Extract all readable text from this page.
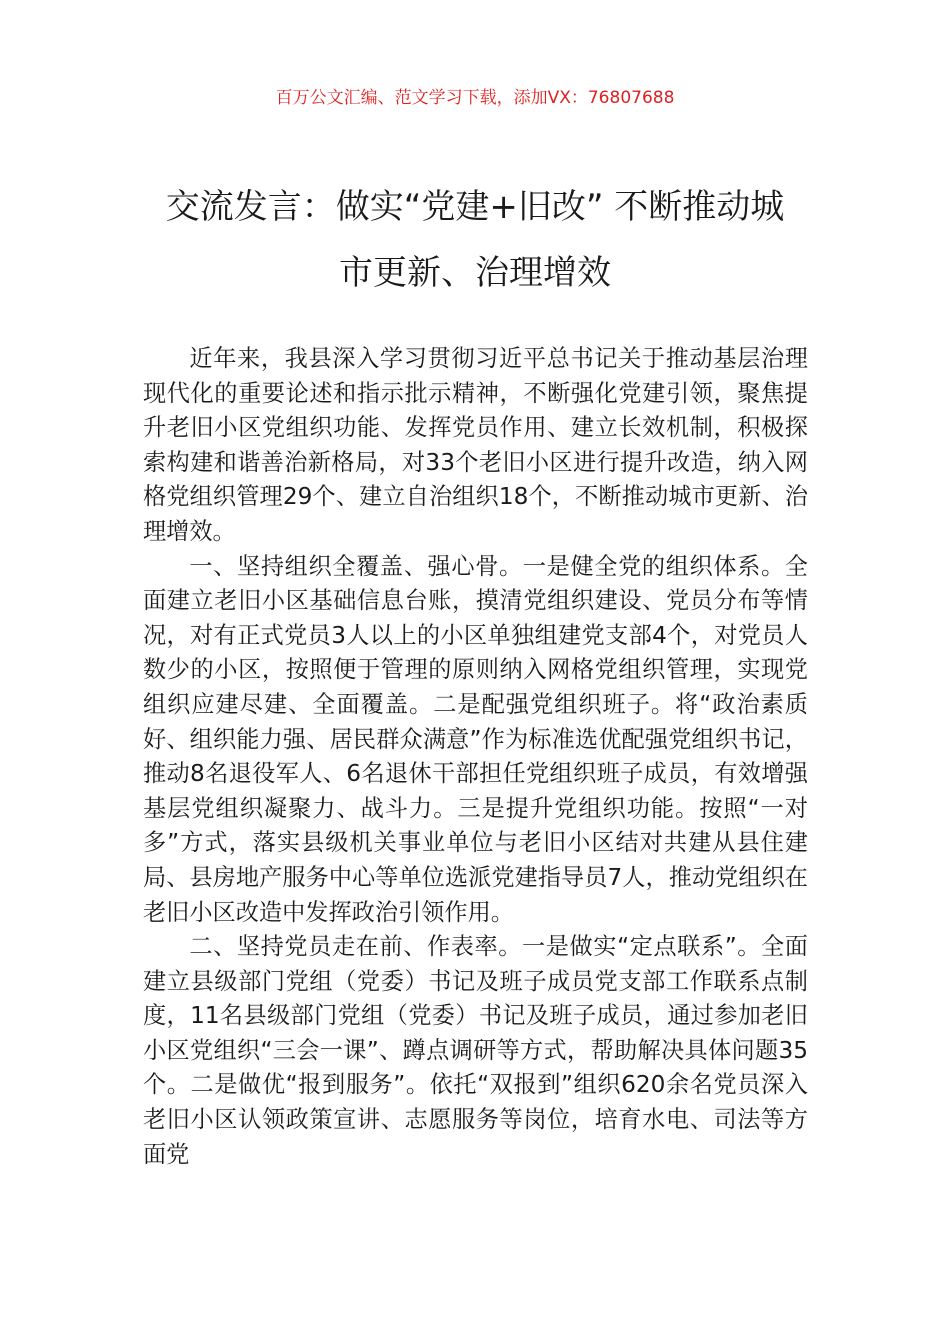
百万公文汇编、范文学习下载，添加VX：76807688
交流发言：做实“党建+旧改” 不断推动城
市更新、治理增效

近年来，我县深入学习贯彻习近平总书记关于推动基层治理现代化的重要论述和指示批示精神，不断强化党建引领，聚焦提升老旧小区党组织功能、发挥党员作用、建立长效机制，积极探索构建和谐善治新格局，对33个老旧小区进行提升改造，纳入网格党组织管理29个、建立自治组织18个，不断推动城市更新、治理增效。

一、坚持组织全覆盖、强心骨。一是健全党的组织体系。全面建立老旧小区基础信息台账，摸清党组织建设、党员分布等情况，对有正式党员3人以上的小区单独组建党支部4个，对党员人数少的小区，按照便于管理的原则纳入网格党组织管理，实现党组织应建尽建、全面覆盖。二是配强党组织班子。将“政治素质好、组织能力强、居民群众满意”作为标准选优配强党组织书记，推动8名退役军人、6名退休干部担任党组织班子成员，有效增强基层党组织凝聚力、战斗力。三是提升党组织功能。按照“一对多”方式，落实县级机关事业单位与老旧小区结对共建从县住建局、县房地产服务中心等单位选派党建指导员7人，推动党组织在老旧小区改造中发挥政治引领作用。

二、坚持党员走在前、作表率。一是做实“定点联系”。全面建立县级部门党组（党委）书记及班子成员党支部工作联系点制度，11名县级部门党组（党委）书记及班子成员，通过参加老旧小区党组织“三会一课”、蹲点调研等方式，帮助解决具体问题35个。二是做优“报到服务”。依托“双报到”组织620余名党员深入老旧小区认领政策宣讲、志愿服务等岗位，培育水电、司法等方面党
